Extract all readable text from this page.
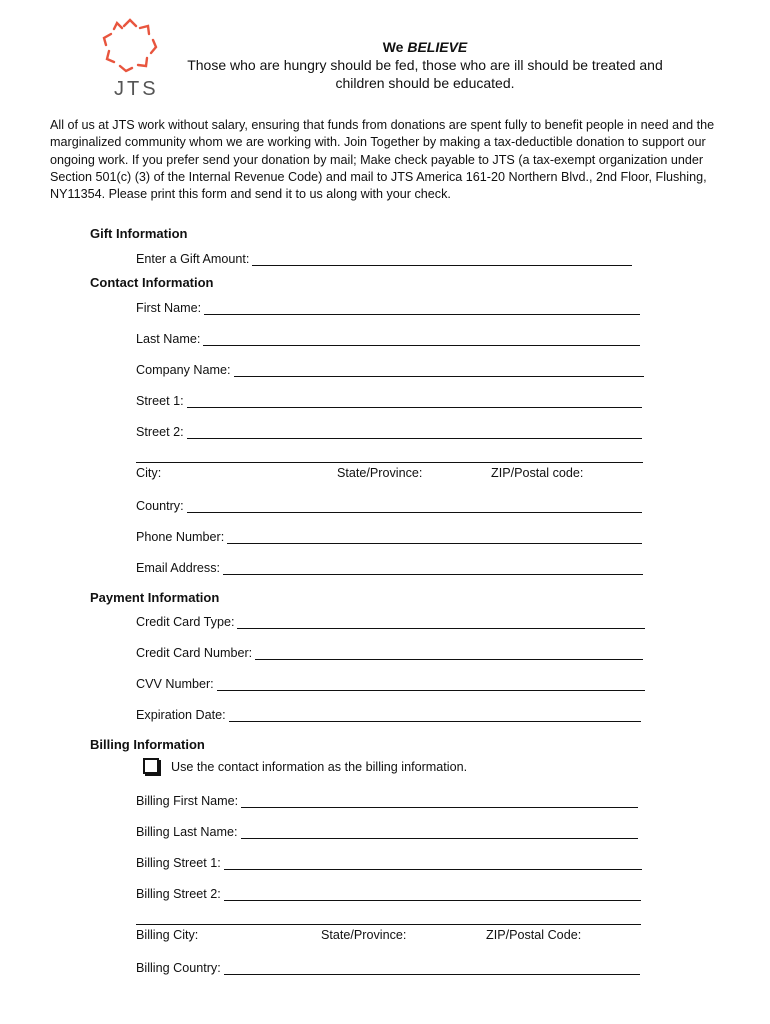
JTS
We BELIEVE
Those who are hungry should be fed, those who are ill should be treated and children should be educated.
All of us at JTS work without salary, ensuring that funds from donations are spent fully to benefit people in need and the marginalized community whom we are working with. Join Together by making a tax-deductible donation to support our ongoing work. If you prefer send your donation by mail; Make check payable to JTS (a tax-exempt organization under Section 501(c) (3) of the Internal Revenue Code) and mail to JTS America 161-20 Northern Blvd., 2nd Floor, Flushing, NY11354. Please print this form and send it to us along with your check.
Gift Information
Enter a Gift Amount:
Contact Information
First Name:
Last Name:
Company Name:
Street 1:
Street 2:
City:	State/Province:	ZIP/Postal code:
Country:
Phone Number:
Email Address:
Payment Information
Credit Card Type:
Credit Card Number:
CVV Number:
Expiration Date:
Billing Information
Use the contact information as the billing information.
Billing First Name:
Billing Last Name:
Billing Street 1:
Billing Street 2:
Billing City:	State/Province:	ZIP/Postal Code:
Billing Country:
